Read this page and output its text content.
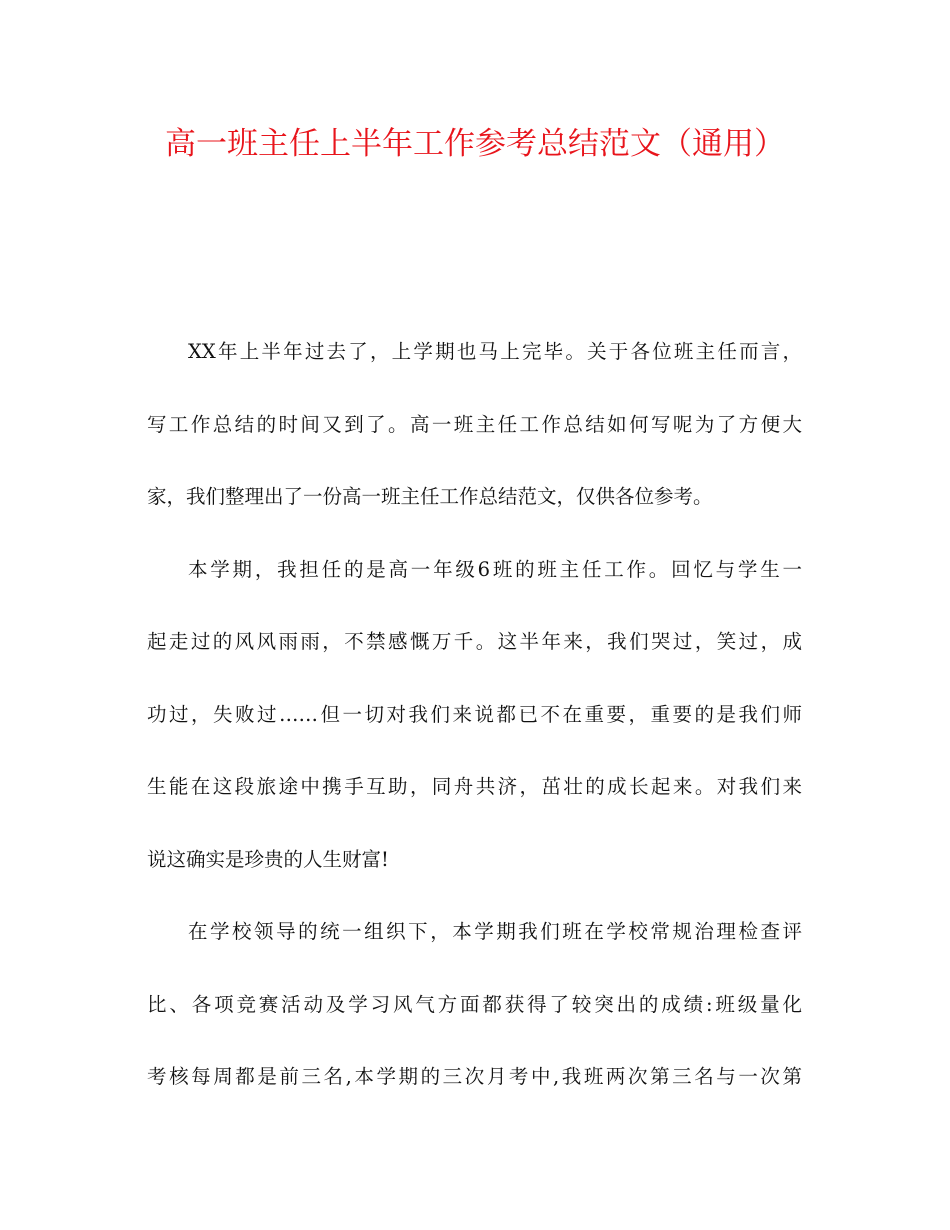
高一班主任上半年工作参考总结范文（通用）

XX年上半年过去了，上学期也马上完毕。关于各位班主任而言，
写工作总结的时间又到了。高一班主任工作总结如何写呢为了方便大
家，我们整理出了一份高一班主任工作总结范文，仅供各位参考。

本学期，我担任的是高一年级6班的班主任工作。回忆与学生一
起走过的风风雨雨，不禁感慨万千。这半年来，我们哭过，笑过，成
功过，失败过……但一切对我们来说都已不在重要，重要的是我们师
生能在这段旅途中携手互助，同舟共济，茁壮的成长起来。对我们来
说这确实是珍贵的人生财富!

在学校领导的统一组织下，本学期我们班在学校常规治理检查评
比、各项竞赛活动及学习风气方面都获得了较突出的成绩:班级量化
考核每周都是前三名,本学期的三次月考中,我班两次第三名与一次第
